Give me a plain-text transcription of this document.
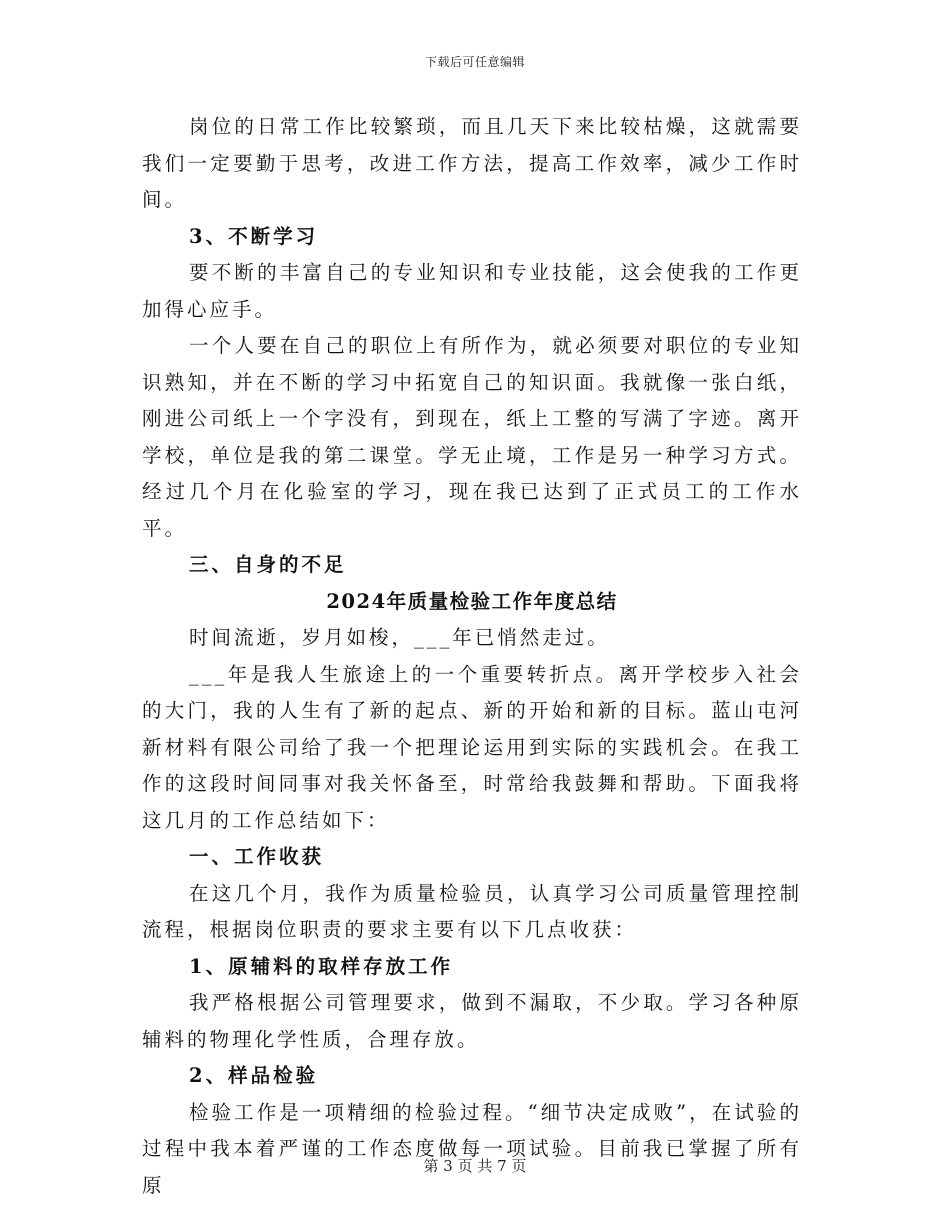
下载后可任意编辑

岗位的日常工作比较繁琐，而且几天下来比较枯燥，这就需要我们一定要勤于思考，改进工作方法，提高工作效率，减少工作时间。

3、不断学习

要不断的丰富自己的专业知识和专业技能，这会使我的工作更加得心应手。

一个人要在自己的职位上有所作为，就必须要对职位的专业知识熟知，并在不断的学习中拓宽自己的知识面。我就像一张白纸，刚进公司纸上一个字没有，到现在，纸上工整的写满了字迹。离开学校，单位是我的第二课堂。学无止境，工作是另一种学习方式。经过几个月在化验室的学习，现在我已达到了正式员工的工作水平。

三、自身的不足

2024年质量检验工作年度总结

时间流逝，岁月如梭，___年已悄然走过。

___年是我人生旅途上的一个重要转折点。离开学校步入社会的大门，我的人生有了新的起点、新的开始和新的目标。蓝山屯河新材料有限公司给了我一个把理论运用到实际的实践机会。在我工作的这段时间同事对我关怀备至，时常给我鼓舞和帮助。下面我将这几月的工作总结如下：

一、工作收获

在这几个月，我作为质量检验员，认真学习公司质量管理控制流程，根据岗位职责的要求主要有以下几点收获：

1、原辅料的取样存放工作

我严格根据公司管理要求，做到不漏取，不少取。学习各种原辅料的物理化学性质，合理存放。

2、样品检验

检验工作是一项精细的检验过程。“细节决定成败”，在试验的过程中我本着严谨的工作态度做每一项试验。目前我已掌握了所有原

第 3 页 共 7 页
